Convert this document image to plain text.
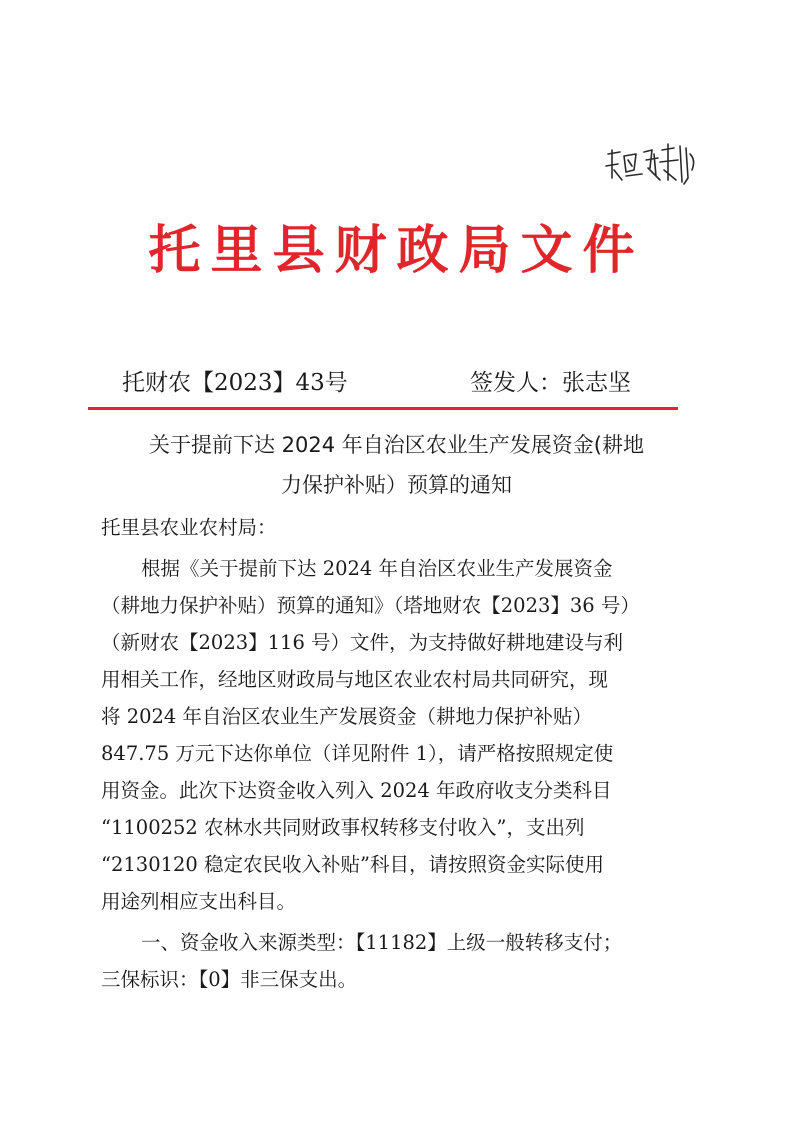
托里县财政局文件
托财农【2023】43号	签发人：张志坚
关于提前下达 2024 年自治区农业生产发展资金(耕地
力保护补贴）预算的通知
托里县农业农村局：
根据《关于提前下达 2024 年自治区农业生产发展资金
（耕地力保护补贴）预算的通知》（塔地财农【2023】36 号）
（新财农【2023】116 号）文件，为支持做好耕地建设与利
用相关工作，经地区财政局与地区农业农村局共同研究，现
将 2024 年自治区农业生产发展资金（耕地力保护补贴）
847.75 万元下达你单位（详见附件 1），请严格按照规定使
用资金。此次下达资金收入列入 2024 年政府收支分类科目
“1100252 农林水共同财政事权转移支付收入”，支出列
“2130120 稳定农民收入补贴”科目，请按照资金实际使用
用途列相应支出科目。
一、资金收入来源类型：【11182】上级一般转移支付；
三保标识：【0】非三保支出。
